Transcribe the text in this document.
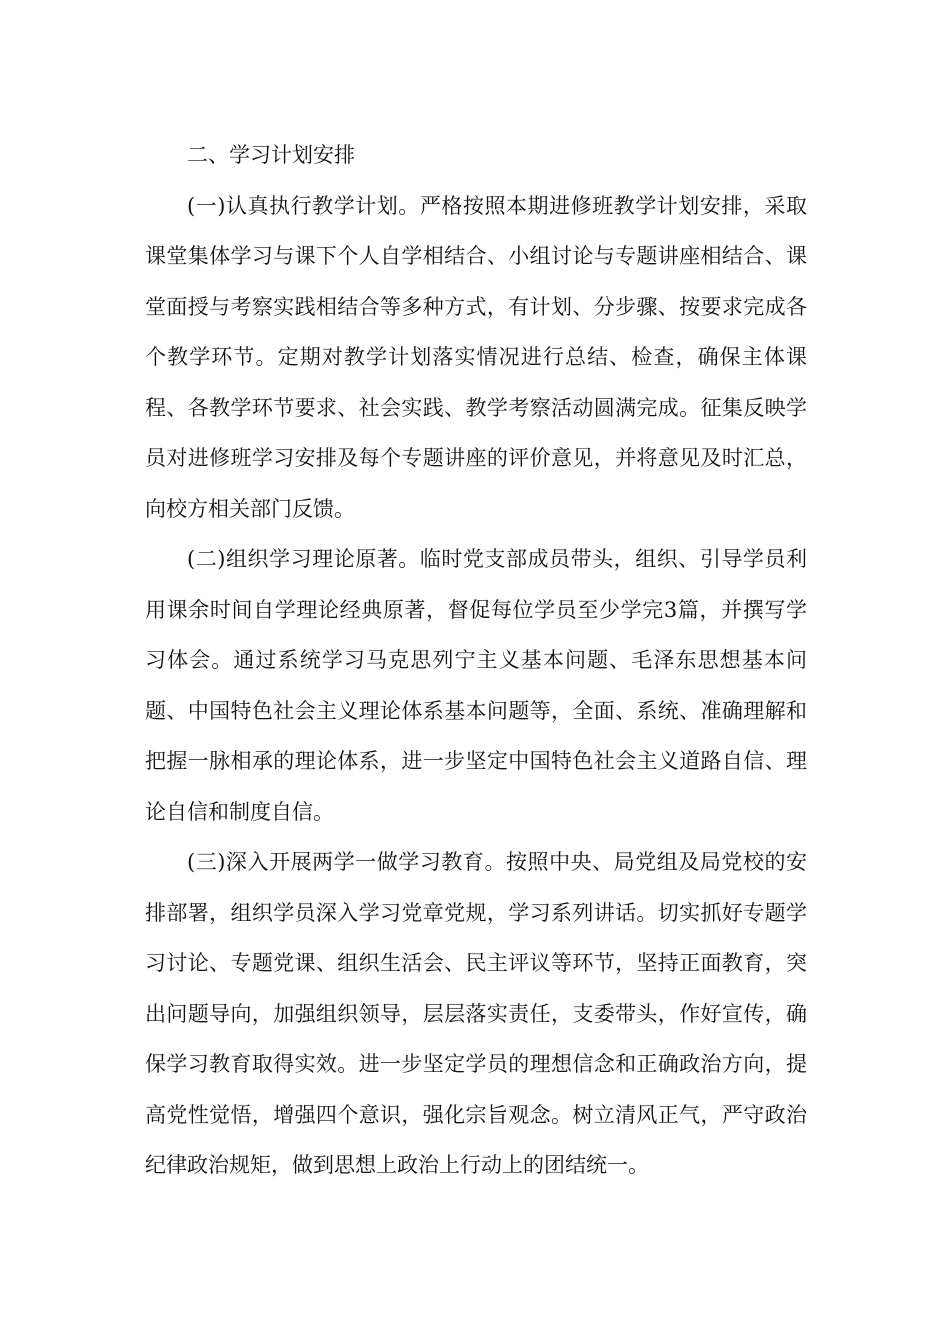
二、学习计划安排

(一)认真执行教学计划。严格按照本期进修班教学计划安排，采取课堂集体学习与课下个人自学相结合、小组讨论与专题讲座相结合、课堂面授与考察实践相结合等多种方式，有计划、分步骤、按要求完成各个教学环节。定期对教学计划落实情况进行总结、检查，确保主体课程、各教学环节要求、社会实践、教学考察活动圆满完成。征集反映学员对进修班学习安排及每个专题讲座的评价意见，并将意见及时汇总，向校方相关部门反馈。

(二)组织学习理论原著。临时党支部成员带头，组织、引导学员利用课余时间自学理论经典原著，督促每位学员至少学完3篇，并撰写学习体会。通过系统学习马克思列宁主义基本问题、毛泽东思想基本问题、中国特色社会主义理论体系基本问题等，全面、系统、准确理解和把握一脉相承的理论体系，进一步坚定中国特色社会主义道路自信、理论自信和制度自信。

(三)深入开展两学一做学习教育。按照中央、局党组及局党校的安排部署，组织学员深入学习党章党规，学习系列讲话。切实抓好专题学习讨论、专题党课、组织生活会、民主评议等环节，坚持正面教育，突出问题导向，加强组织领导，层层落实责任，支委带头，作好宣传，确保学习教育取得实效。进一步坚定学员的理想信念和正确政治方向，提高党性觉悟，增强四个意识，强化宗旨观念。树立清风正气，严守政治纪律政治规矩，做到思想上政治上行动上的团结统一。
